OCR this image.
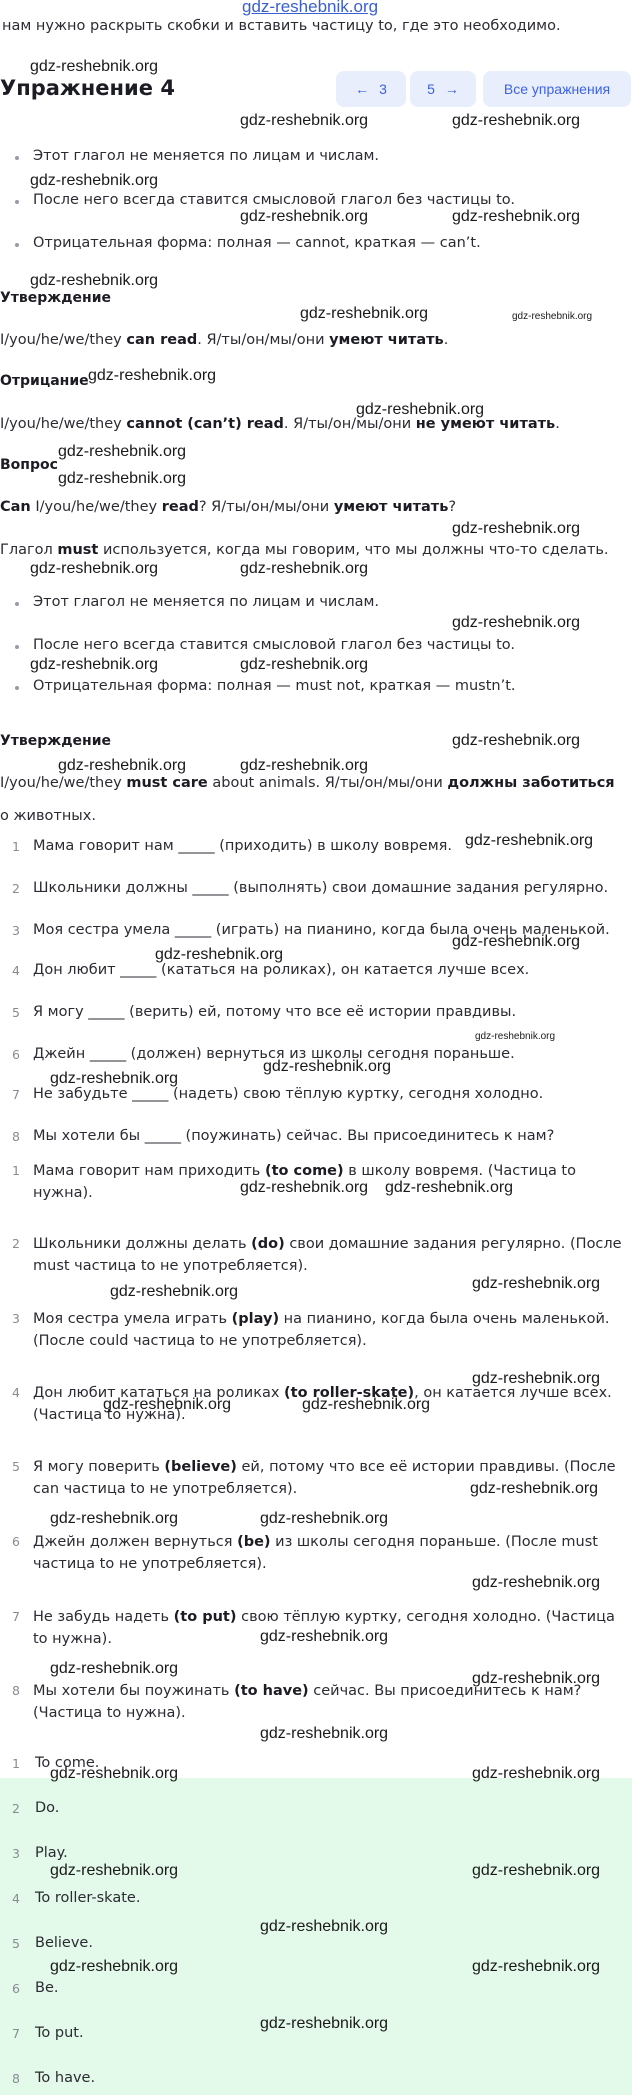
gdz-reshebnik.org
нам нужно раскрыть скобки и вставить частицу to, где это необходимо.
Упражнение 4	← 3	5 →	Все упражнения
Этот глагол не меняется по лицам и числам.
После него всегда ставится смысловой глагол без частицы to.
Отрицательная форма: полная — cannot, краткая — can’t.
Утверждение
I/you/he/we/they can read. Я/ты/он/мы/они умеют читать.
Отрицание
I/you/he/we/they cannot (can’t) read. Я/ты/он/мы/они не умеют читать.
Вопрос
Can I/you/he/we/they read? Я/ты/он/мы/они умеют читать?
Глагол must используется, когда мы говорим, что мы должны что-то сделать.
Этот глагол не меняется по лицам и числам.
После него всегда ставится смысловой глагол без частицы to.
Отрицательная форма: полная — must not, краткая — mustn’t.
Утверждение
I/you/he/we/they must care about animals. Я/ты/он/мы/они должны заботиться
о животных.
1 Мама говорит нам _____ (приходить) в школу вовремя.
2 Школьники должны _____ (выполнять) свои домашние задания регулярно.
3 Моя сестра умела _____ (играть) на пианино, когда была очень маленькой.
4 Дон любит _____ (кататься на роликах), он катается лучше всех.
5 Я могу _____ (верить) ей, потому что все её истории правдивы.
6 Джейн _____ (должен) вернуться из школы сегодня пораньше.
7 Не забудьте _____ (надеть) свою тёплую куртку, сегодня холодно.
8 Мы хотели бы _____ (поужинать) сейчас. Вы присоединитесь к нам?
1 Мама говорит нам приходить (to come) в школу вовремя. (Частица to нужна).
2 Школьники должны делать (do) свои домашние задания регулярно. (После must частица to не употребляется).
3 Моя сестра умела играть (play) на пианино, когда была очень маленькой. (После could частица to не употребляется).
4 Дон любит кататься на роликах (to roller-skate), он катается лучше всех. (Частица to нужна).
5 Я могу поверить (believe) ей, потому что все её истории правдивы. (После can частица to не употребляется).
6 Джейн должен вернуться (be) из школы сегодня пораньше. (После must частица to не употребляется).
7 Не забудь надеть (to put) свою тёплую куртку, сегодня холодно. (Частица to нужна).
8 Мы хотели бы поужинать (to have) сейчас. Вы присоединитесь к нам? (Частица to нужна).
1 To come.
2 Do.
3 Play.
4 To roller-skate.
5 Believe.
6 Be.
7 To put.
8 To have.
gdz-reshebnik.org
gdz-reshebnik.org	gdz-reshebnik.org
gdz-reshebnik.org
gdz-reshebnik.org	gdz-reshebnik.org
gdz-reshebnik.org
gdz-reshebnik.org	gdz-reshebnik.org
gdz-reshebnik.org
gdz-reshebnik.org
gdz-reshebnik.org
gdz-reshebnik.org
gdz-reshebnik.org
gdz-reshebnik.org	gdz-reshebnik.org
gdz-reshebnik.org
gdz-reshebnik.org	gdz-reshebnik.org
gdz-reshebnik.org
gdz-reshebnik.org	gdz-reshebnik.org
gdz-reshebnik.org
gdz-reshebnik.org
gdz-reshebnik.org
gdz-reshebnik.org
gdz-reshebnik.org
gdz-reshebnik.org
gdz-reshebnik.org gdz-reshebnik.org
gdz-reshebnik.org	gdz-reshebnik.org
gdz-reshebnik.org
gdz-reshebnik.org	gdz-reshebnik.org
gdz-reshebnik.org
gdz-reshebnik.org	gdz-reshebnik.org
gdz-reshebnik.org
gdz-reshebnik.org
gdz-reshebnik.org
gdz-reshebnik.org
gdz-reshebnik.org
gdz-reshebnik.org	gdz-reshebnik.org
gdz-reshebnik.org	gdz-reshebnik.org
gdz-reshebnik.org
gdz-reshebnik.org	gdz-reshebnik.org
gdz-reshebnik.org
